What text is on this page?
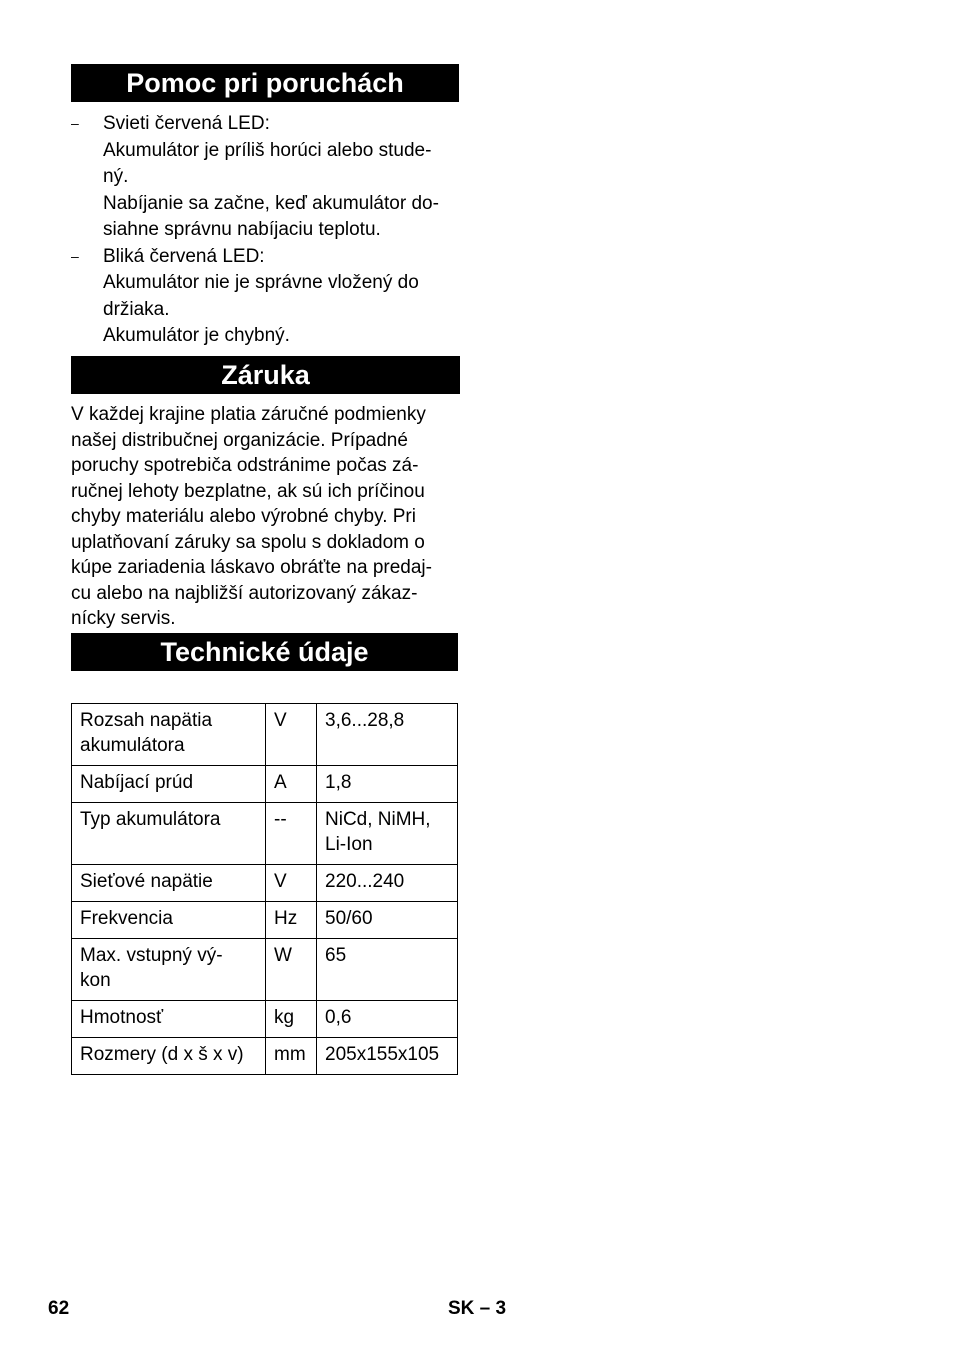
Pomoc pri poruchách
– Svieti červená LED:

Akumulátor je príliš horúci alebo stude-

ný.

Nabíjanie sa začne, keď akumulátor do-

siahne správnu nabíjaciu teplotu.

– Bliká červená LED:

Akumulátor nie je správne vložený do

držiaka.

Akumulátor je chybný.

Záruka

V každej krajine platia záručné podmienky

našej distribučnej organizácie. Prípadné

poruchy spotrebiča odstránime počas zá-

ručnej lehoty bezplatne, ak sú ich príčinou

chyby materiálu alebo výrobné chyby. Pri

uplatňovaní záruky sa spolu s dokladom o

kúpe zariadenia láskavo obráťte na predaj-

cu alebo na najbližší autorizovaný zákaz-

nícky servis.

Technické údaje
Rozsah napätia akumulátora	V	3,6...28,8
Nabíjací prúd	A	1,8
Typ akumulátora	--	NiCd, NiMH, Li-Ion
Sieťové napätie	V	220...240
Frekvencia	Hz	50/60
Max. vstupný vý- kon	W	65
Hmotnosť	kg	0,6
Rozmery (d x š x v)	mm	205x155x105
62	SK – 3
